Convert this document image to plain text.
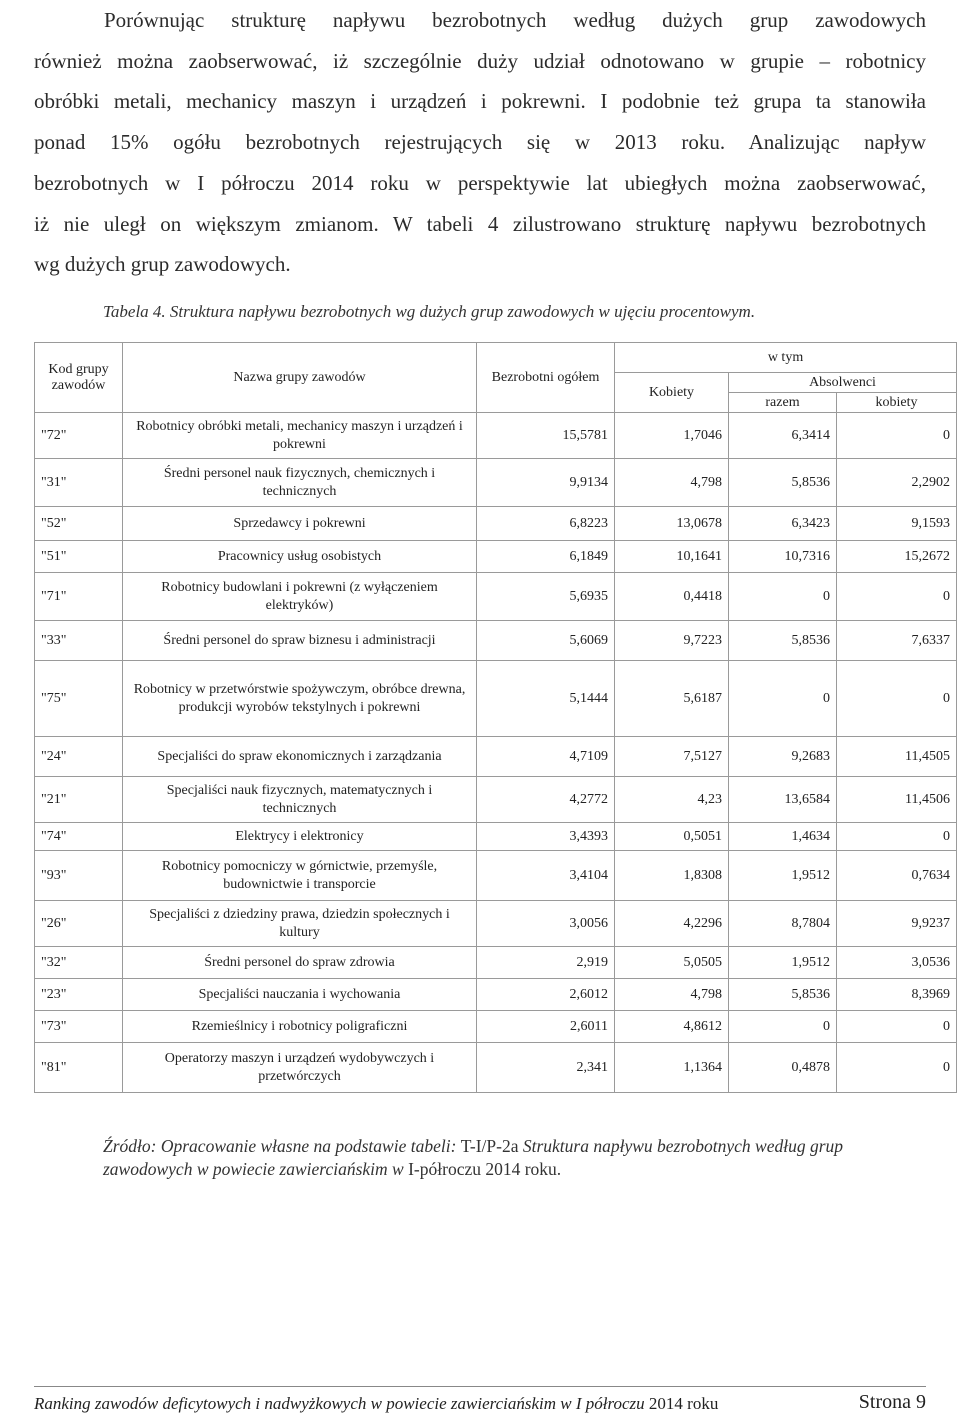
Porównując strukturę napływu bezrobotnych według dużych grup zawodowych
również można zaobserwować, iż szczególnie duży udział odnotowano w grupie – robotnicy
obróbki metali, mechanicy maszyn i urządzeń i pokrewni. I podobnie też grupa ta stanowiła
ponad 15% ogółu bezrobotnych rejestrujących się w 2013 roku. Analizując napływ
bezrobotnych w I półroczu 2014 roku w perspektywie lat ubiegłych można zaobserwować,
iż nie uległ on większym zmianom. W tabeli 4 zilustrowano strukturę napływu bezrobotnych
wg dużych grup zawodowych.
Tabela 4. Struktura napływu bezrobotnych wg dużych grup zawodowych w ujęciu procentowym.
Kod grupy zawodów	Nazwa grupy zawodów	Bezrobotni ogółem	w tym		
			Kobiety	Absolwenci	
				razem	kobiety
"72"	Robotnicy obróbki metali, mechanicy maszyn i urządzeń i pokrewni	15,5781	1,7046	6,3414	0
"31"	Średni personel nauk fizycznych, chemicznych i technicznych	9,9134	4,798	5,8536	2,2902
"52"	Sprzedawcy i pokrewni	6,8223	13,0678	6,3423	9,1593
"51"	Pracownicy usług osobistych	6,1849	10,1641	10,7316	15,2672
"71"	Robotnicy budowlani i pokrewni (z wyłączeniem elektryków)	5,6935	0,4418	0	0
"33"	Średni personel do spraw biznesu i administracji	5,6069	9,7223	5,8536	7,6337
"75"	Robotnicy w przetwórstwie spożywczym, obróbce drewna, produkcji wyrobów tekstylnych i pokrewni	5,1444	5,6187	0	0
"24"	Specjaliści do spraw ekonomicznych i zarządzania	4,7109	7,5127	9,2683	11,4505
"21"	Specjaliści nauk fizycznych, matematycznych i technicznych	4,2772	4,23	13,6584	11,4506
"74"	Elektrycy i elektronicy	3,4393	0,5051	1,4634	0
"93"	Robotnicy pomocniczy w górnictwie, przemyśle, budownictwie i transporcie	3,4104	1,8308	1,9512	0,7634
"26"	Specjaliści z dziedziny prawa, dziedzin społecznych i kultury	3,0056	4,2296	8,7804	9,9237
"32"	Średni personel do spraw zdrowia	2,919	5,0505	1,9512	3,0536
"23"	Specjaliści nauczania i wychowania	2,6012	4,798	5,8536	8,3969
"73"	Rzemieślnicy i robotnicy poligraficzni	2,6011	4,8612	0	0
"81"	Operatorzy maszyn i urządzeń wydobywczych i przetwórczych	2,341	1,1364	0,4878	0
Źródło: Opracowanie własne na podstawie tabeli: T-I/P-2a Struktura napływu bezrobotnych według grup zawodowych w powiecie zawierciańskim w I-półroczu 2014 roku.
Ranking zawodów deficytowych i nadwyżkowych w powiecie zawierciańskim w I półroczu 2014 roku	Strona 9
